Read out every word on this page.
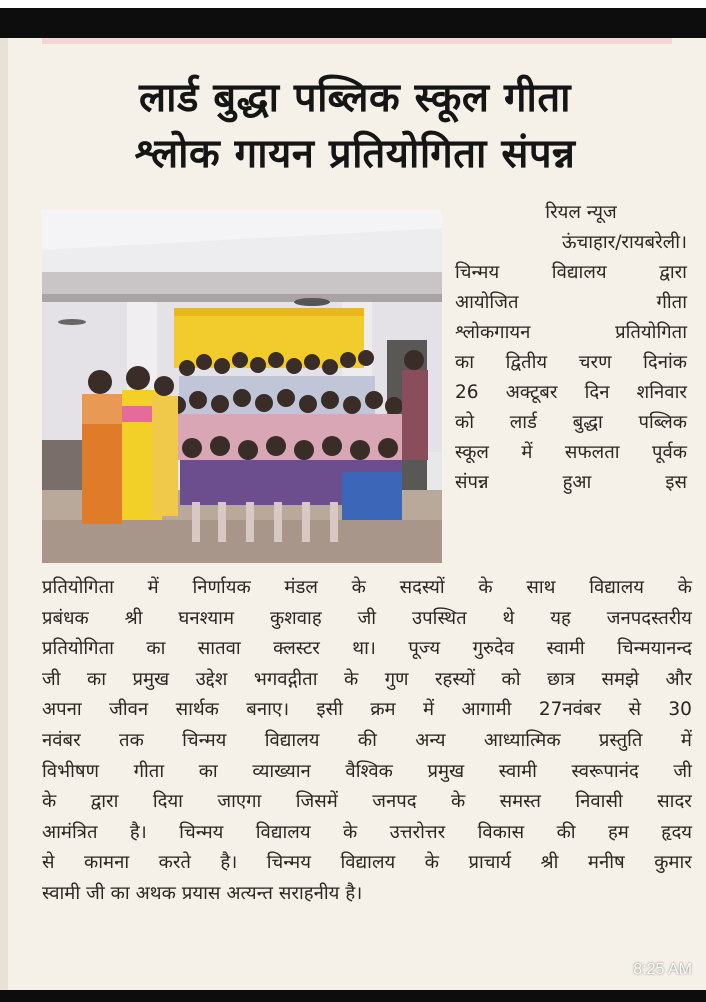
लार्ड बुद्धा पब्लिक स्कूल गीता
श्लोक गायन प्रतियोगिता संपन्न
रियल न्यूज
ऊंचाहार/रायबरेली।
चिन्मय	विद्यालय	द्वारा
आयोजित	गीता
श्लोकगायन	प्रतियोगिता
का द्वितीय चरण दिनांक
26 अक्टूबर दिन शनिवार
को लार्ड बुद्धा पब्लिक
स्कूल में सफलता पूर्वक
संपन्न	हुआ	इस
प्रतियोगिता में निर्णायक मंडल के सदस्यों के साथ विद्यालय के
प्रबंधक श्री घनश्याम कुशवाह जी उपस्थित थे यह जनपदस्तरीय
प्रतियोगिता का सातवा क्लस्टर था। पूज्य गुरुदेव स्वामी चिन्मयानन्द
जी का प्रमुख उद्देश भगवद्गीता के गुण रहस्यों को छात्र समझे और
अपना जीवन सार्थक बनाए। इसी क्रम में आगामी 27नवंबर से 30
नवंबर तक चिन्मय विद्यालय की अन्य आध्यात्मिक प्रस्तुति में
विभीषण गीता का व्याख्यान वैश्विक प्रमुख स्वामी स्वरूपानंद जी
के द्वारा दिया जाएगा जिसमें जनपद के समस्त निवासी सादर
आमंत्रित है। चिन्मय विद्यालय के उत्तरोत्तर विकास की हम हृदय
से कामना करते है। चिन्मय विद्यालय के प्राचार्य श्री मनीष कुमार
स्वामी जी का अथक प्रयास अत्यन्त सराहनीय है।
8:25 AM
